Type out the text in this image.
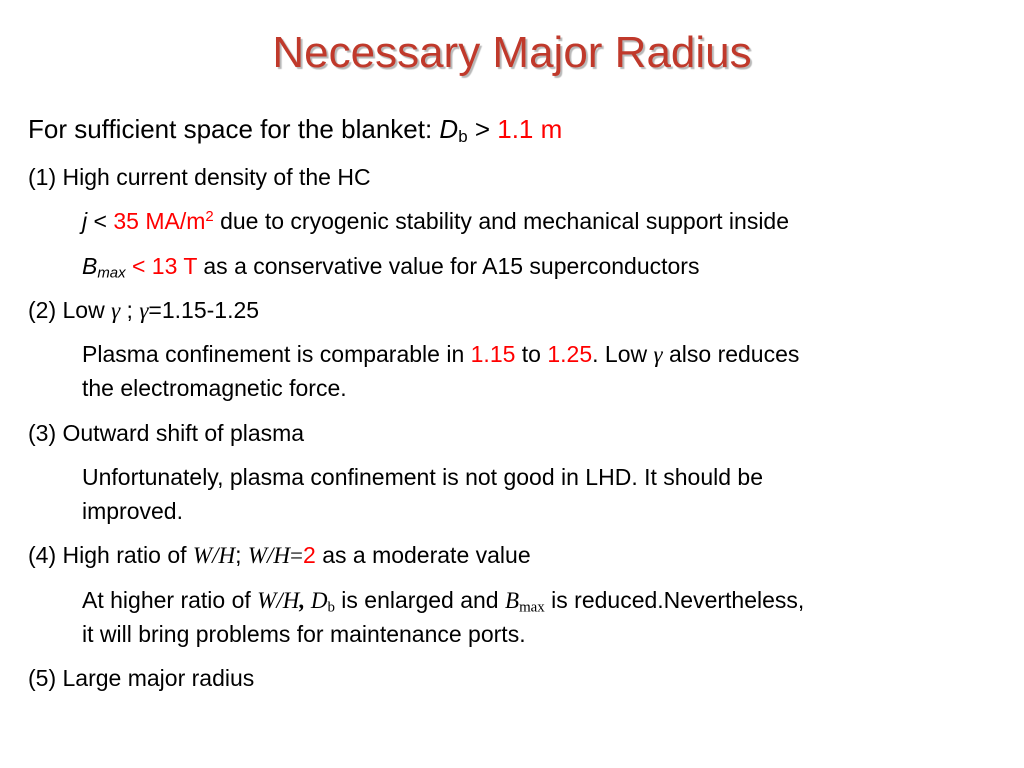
Necessary Major Radius
For sufficient space for the blanket: $D_b > 1.1$ m
(1) High current density of the HC
j < 35 $MA/m^2$ due to cryogenic stability and mechanical support inside
$B_{max} < 13$ T as a conservative value for A15 superconductors
(2) Low γ ; γ=1.15-1.25
Plasma confinement is comparable in 1.15 to 1.25. Low γ also reduces
the electromagnetic force.
(3) Outward shift of plasma
Unfortunately, plasma confinement is not good in LHD. It should be
improved.
(4) High ratio of W/H; W/H=2 as a moderate value
At higher ratio of W/H, $D_b$ is enlarged and $B_{max}$ is reduced.Nevertheless,
it will bring problems for maintenance ports.
(5) Large major radius
